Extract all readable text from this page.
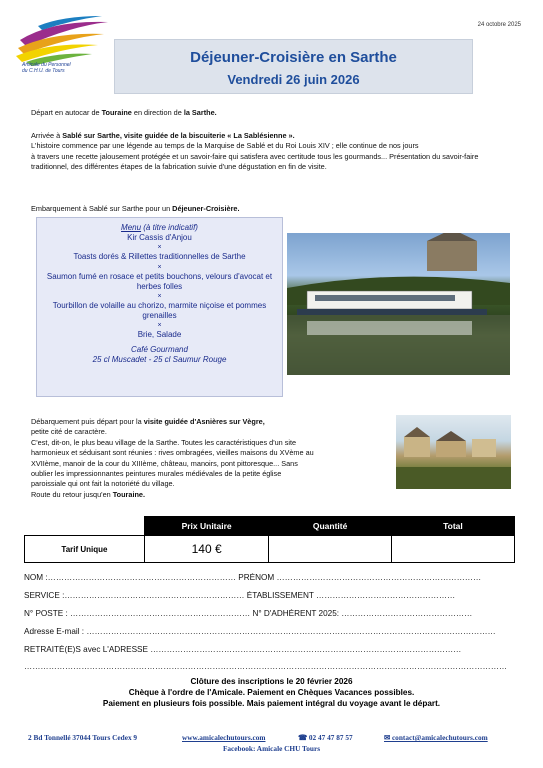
24 octobre 2025
Amicale du Personnel
du C.H.U. de Tours
Déjeuner-Croisière en Sarthe
Vendredi 26 juin 2026
Départ en autocar de Touraine en direction de la Sarthe.
Arrivée à Sablé sur Sarthe, visite guidée de la biscuiterie « La Sablésienne ».
L'histoire commence par une légende au temps de la Marquise de Sablé et du Roi Louis XIV ; elle continue de nos jours
à travers une recette jalousement protégée et un savoir-faire qui satisfera avec certitude tous les gourmands... Présentation du savoir-faire
traditionnel, des différentes étapes de la fabrication suivie d'une dégustation en fin de visite.
Embarquement à Sablé sur Sarthe pour un Déjeuner-Croisière.
Menu (à titre indicatif)
Kir Cassis d'Anjou
×
Toasts dorés & Rillettes traditionnelles de Sarthe
×
Saumon fumé en rosace et petits bouchons, velours d'avocat et herbes folles
×
Tourbillon de volaille au chorizo, marmite niçoise et pommes grenailles
×
Brie, Salade
Café Gourmand
25 cl Muscadet - 25 cl Saumur Rouge
Débarquement puis départ pour la visite guidée d'Asnières sur Vègre,
petite cité de caractère.
C'est, dit-on, le plus beau village de la Sarthe. Toutes les caractéristiques d'un site
harmonieux et séduisant sont réunies : rives ombragées, vieilles maisons du XVème au
XVIIème, manoir de la cour du XIIIème, château, manoirs, pont pittoresque... Sans
oublier les impressionnantes peintures murales médiévales de la petite église
paroissiale qui ont fait la notoriété du village.
Route du retour jusqu'en Touraine.
	Prix Unitaire	Quantité	Total
Tarif Unique	140 €		
NOM :…………………………………………………………… PRÉNOM …………………………………………………………………
SERVICE :………………………………………………………… ÉTABLISSEMENT ……………………………………………
N° POSTE : ………………………………………………………… N° D'ADHÉRENT 2025: …………………………………………
Adresse E-mail : ……………………………………………………………………………………………………………………………………
RETRAITÉ(E)S avec L'ADRESSE ……………………………………………………………………………………………………
……………………………………………………………………………………………………………………………………………………………
Clôture des inscriptions le 20 février 2026
Chèque à l'ordre de l'Amicale. Paiement en Chèques Vacances possibles.
Paiement en plusieurs fois possible. Mais paiement intégral du voyage avant le départ.
2 Bd Tonnellé 37044 Tours Cedex 9	www.amicalechutours.com	☎ 02 47 47 87 57	✉ contact@amicalechutours.com
Facebook: Amicale CHU Tours
